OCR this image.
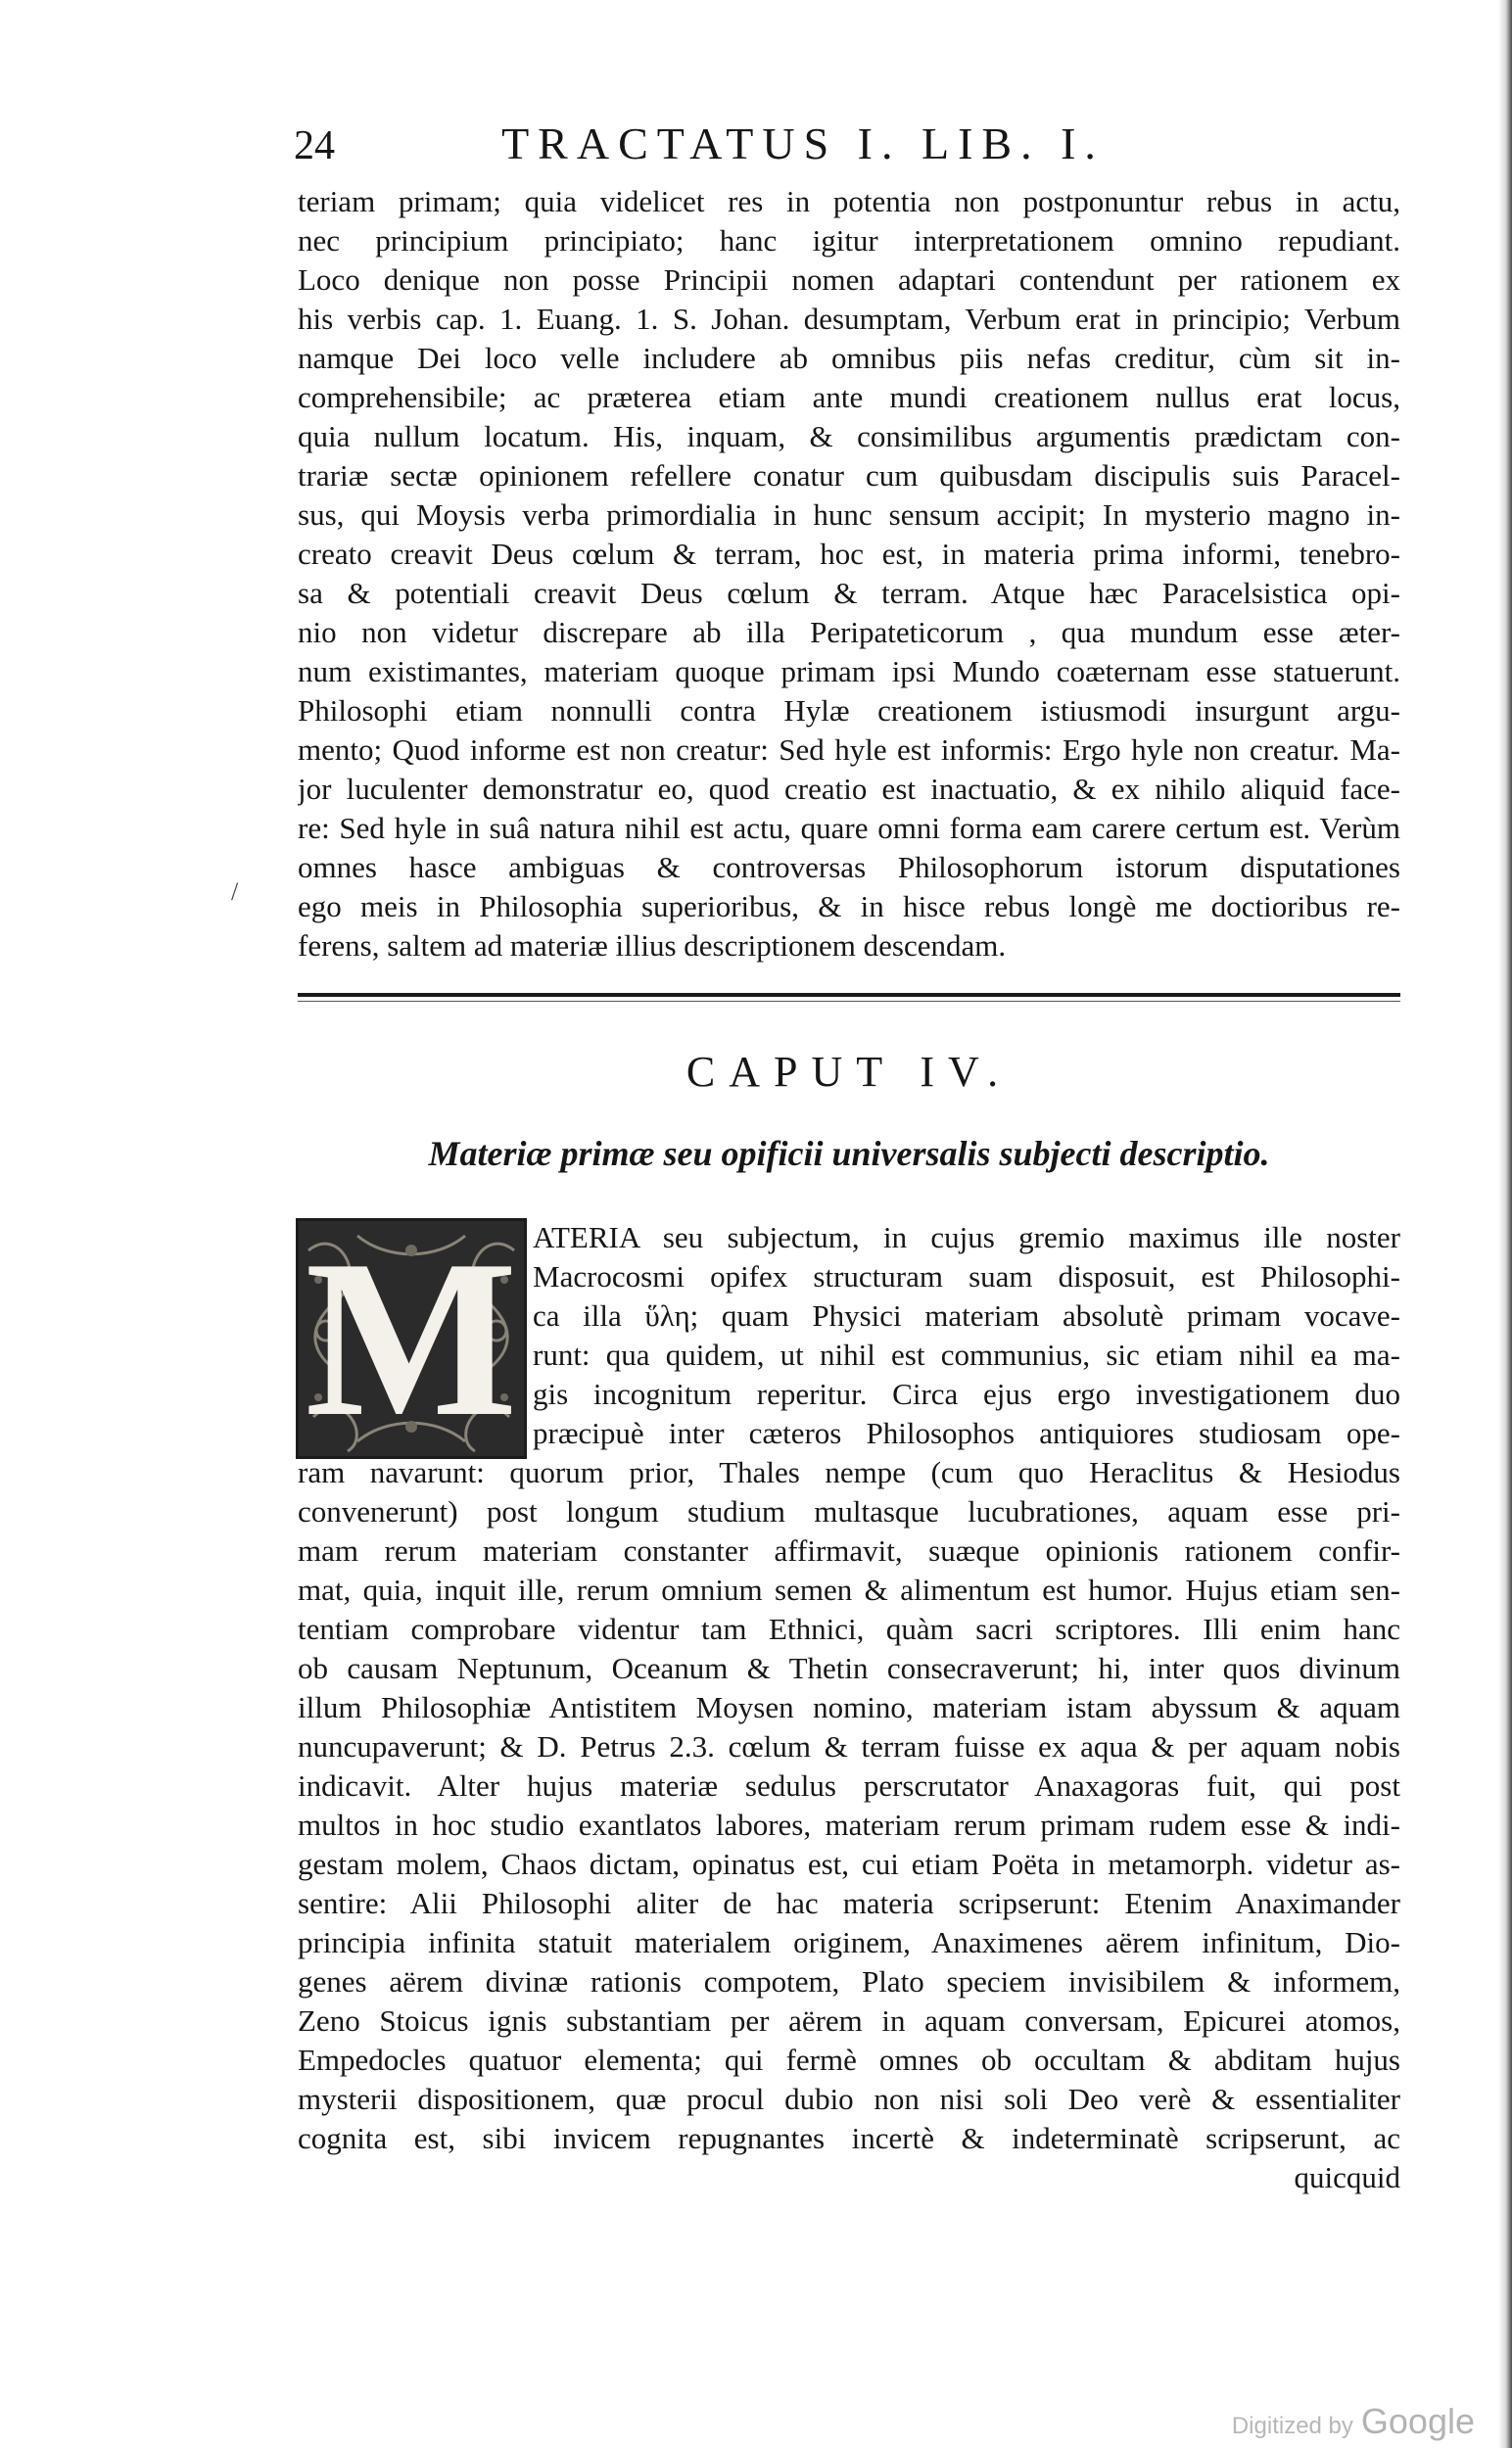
24	TRACTATUS I. LIB. I.
teriam primam; quia videlicet res in potentia non postponuntur rebus in actu,
nec principium principiato; hanc igitur interpretationem omnino repudiant.
Loco denique non posse Principii nomen adaptari contendunt per rationem ex
his verbis cap. 1. Euang. 1. S. Johan. desumptam, Verbum erat in principio; Verbum
namque Dei loco velle includere ab omnibus piis nefas creditur, cùm sit in-
comprehensibile; ac præterea etiam ante mundi creationem nullus erat locus,
quia nullum locatum. His, inquam, & consimilibus argumentis prædictam con-
trariæ sectæ opinionem refellere conatur cum quibusdam discipulis suis Paracel-
sus, qui Moysis verba primordialia in hunc sensum accipit; In mysterio magno in-
creato creavit Deus cœlum & terram, hoc est, in materia prima informi, tenebro-
sa & potentiali creavit Deus cœlum & terram. Atque hæc Paracelsistica opi-
nio non videtur discrepare ab illa Peripateticorum , qua mundum esse æter-
num existimantes, materiam quoque primam ipsi Mundo coæternam esse statuerunt.
Philosophi etiam nonnulli contra Hylæ creationem istiusmodi insurgunt argu-
mento; Quod informe est non creatur: Sed hyle est informis: Ergo hyle non creatur. Ma-
jor luculenter demonstratur eo, quod creatio est inactuatio, & ex nihilo aliquid face-
re: Sed hyle in suâ natura nihil est actu, quare omni forma eam carere certum est. Verùm
omnes hasce ambiguas & controversas Philosophorum istorum disputationes
ego meis in Philosophia superioribus, & in hisce rebus longè me doctioribus re-
ferens, saltem ad materiæ illius descriptionem descendam.
/
CAPUT IV.
Materiæ primæ seu opificii universalis subjecti descriptio.
M ATERIA seu subjectum, in cujus gremio maximus ille noster
Macrocosmi opifex structuram suam disposuit, est Philosophi-
ca illa ὕλη; quam Physici materiam absolutè primam vocave-
runt: qua quidem, ut nihil est communius, sic etiam nihil ea ma-
gis incognitum reperitur. Circa ejus ergo investigationem duo
præcipuè inter cæteros Philosophos antiquiores studiosam ope-
ram navarunt: quorum prior, Thales nempe (cum quo Heraclitus & Hesiodus
convenerunt) post longum studium multasque lucubrationes, aquam esse pri-
mam rerum materiam constanter affirmavit, suæque opinionis rationem confir-
mat, quia, inquit ille, rerum omnium semen & alimentum est humor. Hujus etiam sen-
tentiam comprobare videntur tam Ethnici, quàm sacri scriptores. Illi enim hanc
ob causam Neptunum, Oceanum & Thetin consecraverunt; hi, inter quos divinum
illum Philosophiæ Antistitem Moysen nomino, materiam istam abyssum & aquam
nuncupaverunt; & D. Petrus 2.3. cœlum & terram fuisse ex aqua & per aquam nobis
indicavit. Alter hujus materiæ sedulus perscrutator Anaxagoras fuit, qui post
multos in hoc studio exantlatos labores, materiam rerum primam rudem esse & indi-
gestam molem, Chaos dictam, opinatus est, cui etiam Poëta in metamorph. videtur as-
sentire: Alii Philosophi aliter de hac materia scripserunt: Etenim Anaximander
principia infinita statuit materialem originem, Anaximenes aërem infinitum, Dio-
genes aërem divinæ rationis compotem, Plato speciem invisibilem & informem,
Zeno Stoicus ignis substantiam per aërem in aquam conversam, Epicurei atomos,
Empedocles quatuor elementa; qui fermè omnes ob occultam & abditam hujus
mysterii dispositionem, quæ procul dubio non nisi soli Deo verè & essentialiter
cognita est, sibi invicem repugnantes incertè & indeterminatè scripserunt, ac
quicquid
Digitized by Google
